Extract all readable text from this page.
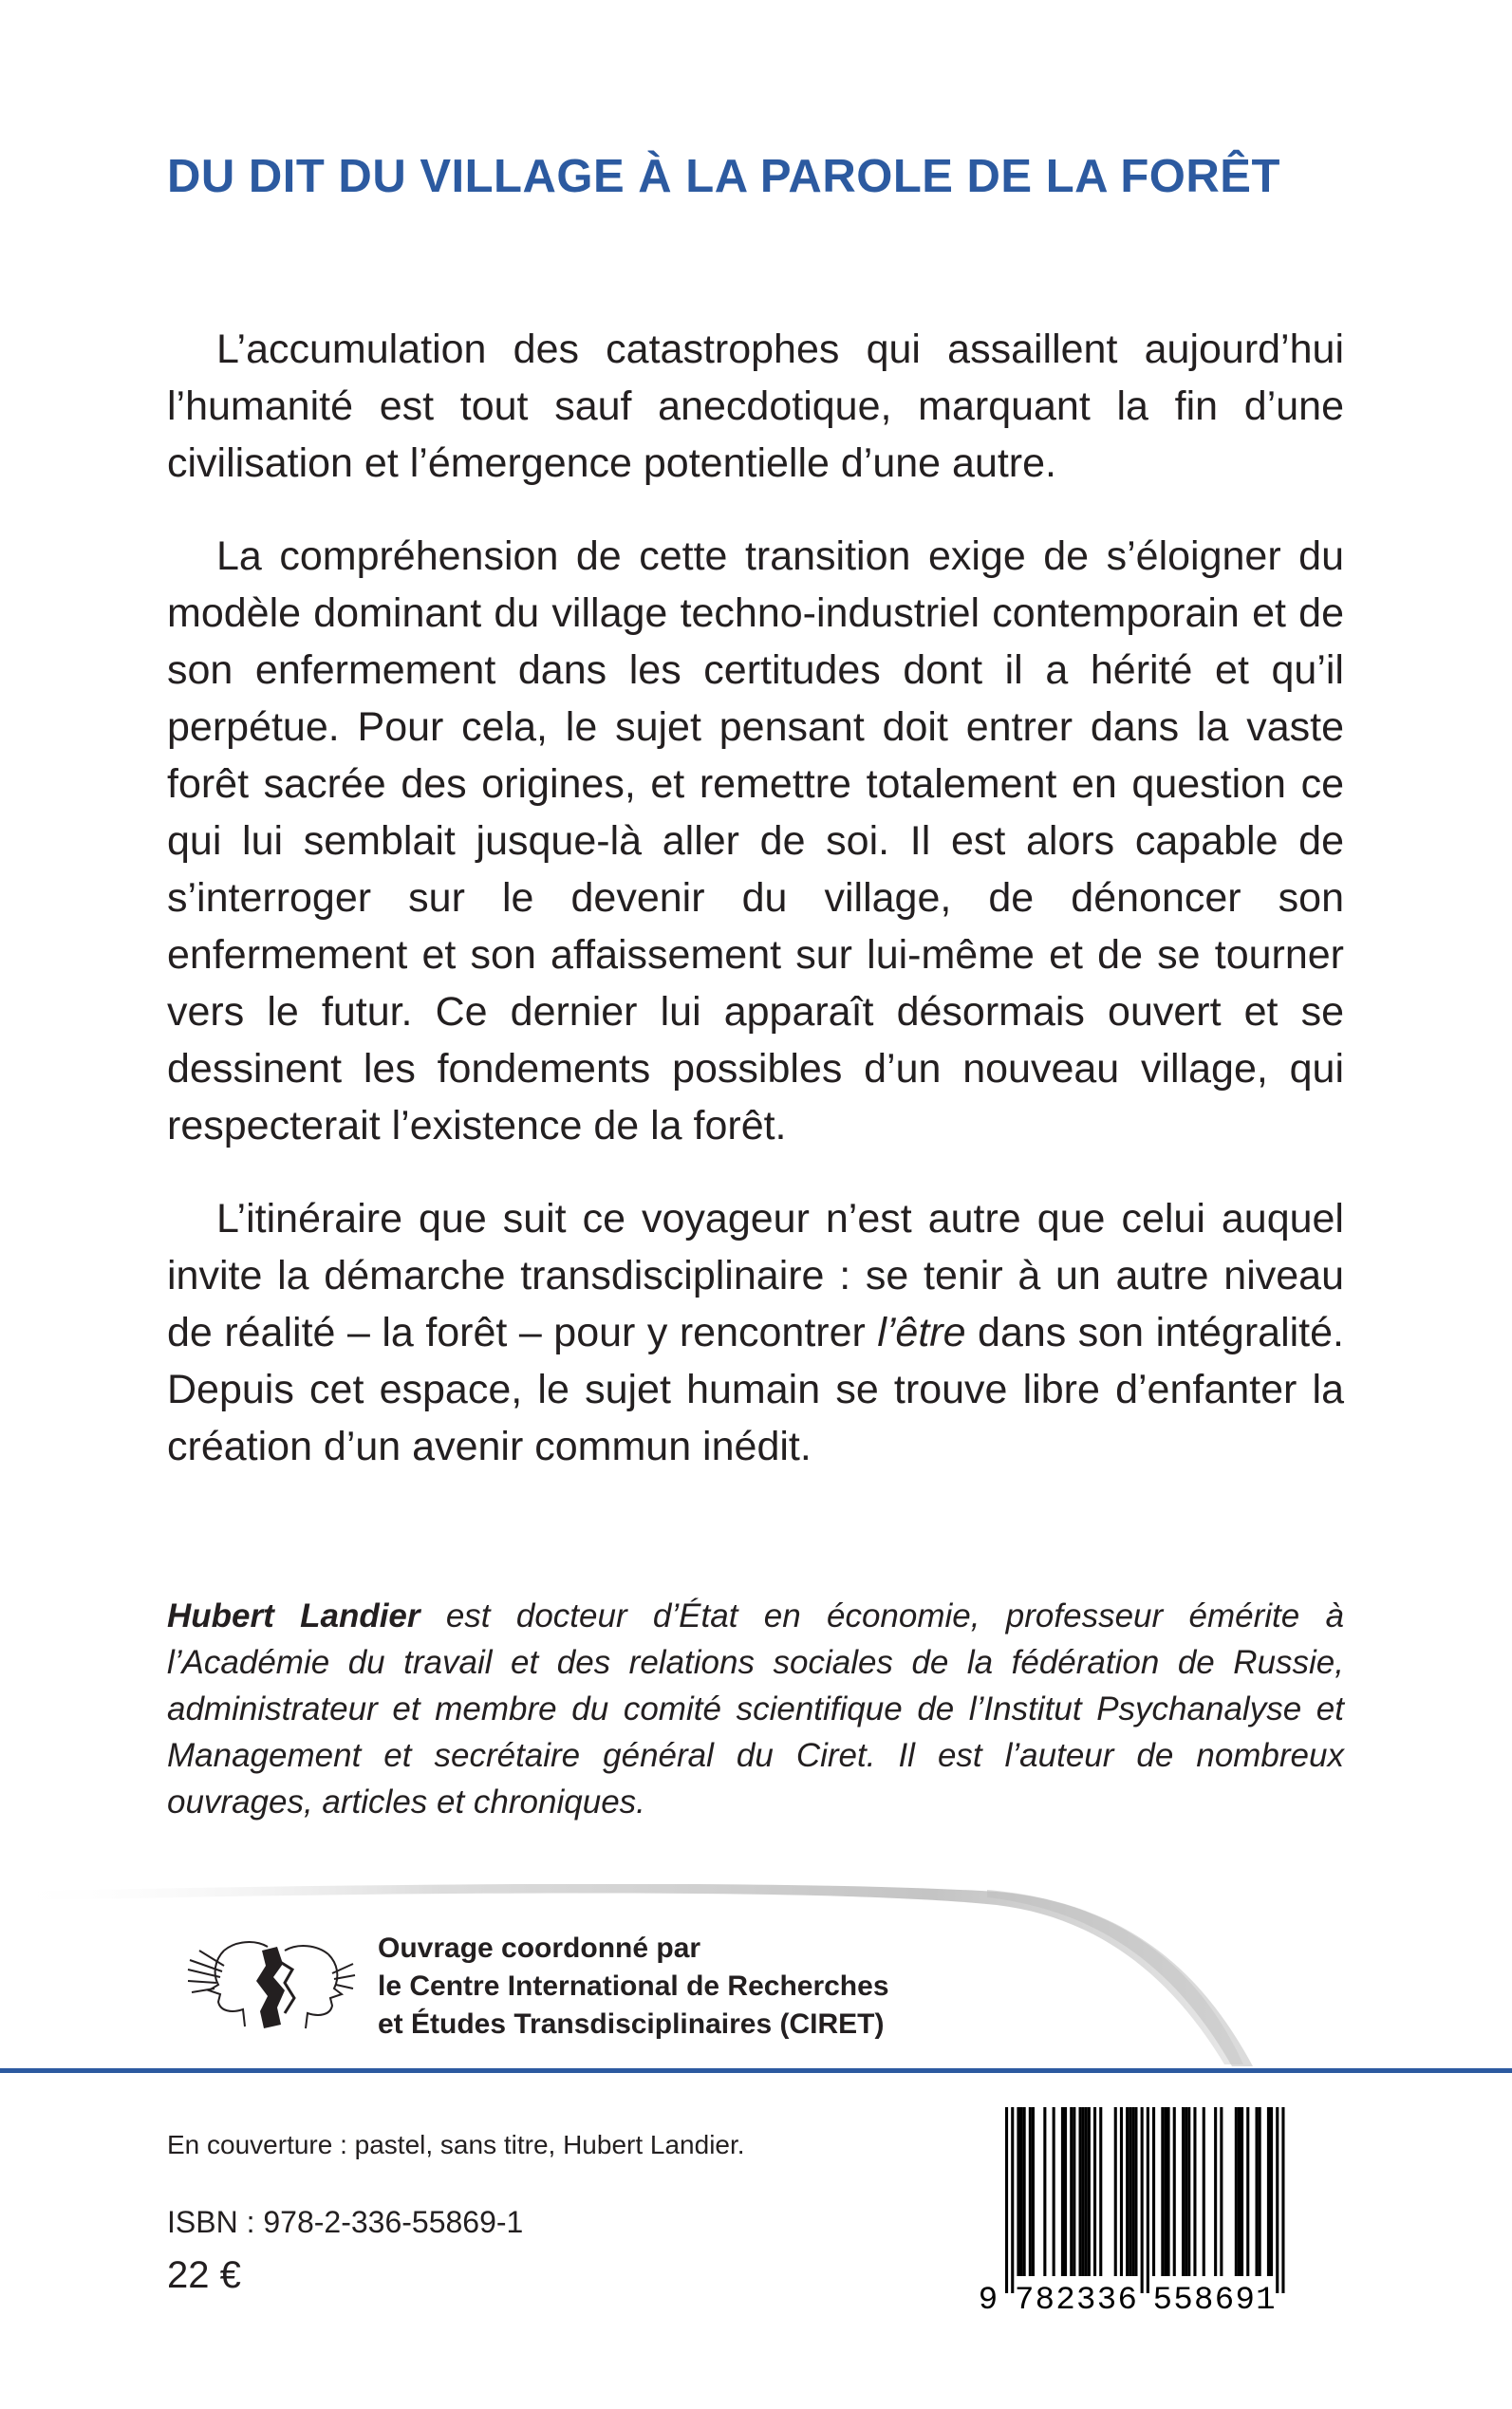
DU DIT DU VILLAGE À LA PAROLE DE LA FORÊT

L’accumulation des catastrophes qui assaillent aujourd’hui l’humanité est tout sauf anecdotique, marquant la fin d’une civilisation et l’émergence potentielle d’une autre.

La compréhension de cette transition exige de s’éloigner du modèle dominant du village techno-industriel contemporain et de son enfermement dans les certitudes dont il a hérité et qu’il perpétue. Pour cela, le sujet pensant doit entrer dans la vaste forêt sacrée des origines, et remettre totalement en question ce qui lui semblait jusque-là aller de soi. Il est alors capable de s’interroger sur le devenir du village, de dénoncer son enfermement et son affaissement sur lui-même et de se tourner vers le futur. Ce dernier lui apparaît désormais ouvert et se dessinent les fondements possibles d’un nouveau village, qui respecterait l’existence de la forêt.

L’itinéraire que suit ce voyageur n’est autre que celui auquel invite la démarche transdisciplinaire : se tenir à un autre niveau de réalité – la forêt – pour y rencontrer l’être dans son intégralité. Depuis cet espace, le sujet humain se trouve libre d’enfanter la création d’un avenir commun inédit.

Hubert Landier est docteur d’État en économie, professeur émérite à l’Académie du travail et des relations sociales de la fédération de Russie, administrateur et membre du comité scientifique de l’Institut Psychanalyse et Management et secrétaire général du Ciret. Il est l’auteur de nombreux ouvrages, articles et chroniques.
Ouvrage coordonné par
le Centre International de Recherches
et Études Transdisciplinaires (CIRET)
En couverture : pastel, sans titre, Hubert Landier.
ISBN : 978-2-336-55869-1
22 €
9 7 8 2 3 3 6 5 5 8 6 9 1
